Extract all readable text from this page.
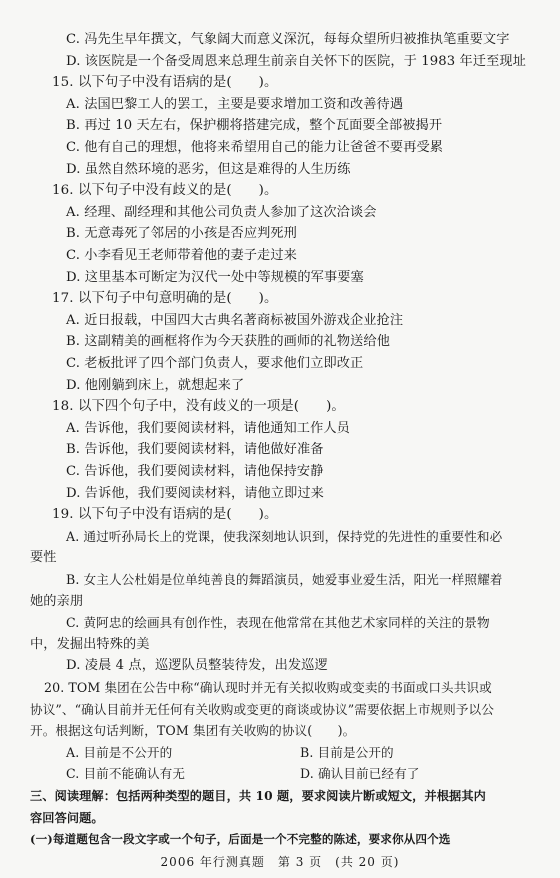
C. 冯先生早年撰文，气象阔大而意义深沉，每每众望所归被推执笔重要文字
D. 该医院是一个备受周恩来总理生前亲自关怀下的医院，于 1983 年迁至现址
15. 以下句子中没有语病的是(　　)。
A. 法国巴黎工人的罢工，主要是要求增加工资和改善待遇
B. 再过 10 天左右，保护棚将搭建完成，整个瓦面要全部被揭开
C. 他有自己的理想，他将来希望用自己的能力让爸爸不要再受累
D. 虽然自然环境的恶劣，但这是难得的人生历练
16. 以下句子中没有歧义的是(　　)。
A. 经理、副经理和其他公司负责人参加了这次洽谈会
B. 无意毒死了邻居的小孩是否应判死刑
C. 小李看见王老师带着他的妻子走过来
D. 这里基本可断定为汉代一处中等规模的军事要塞
17. 以下句子中句意明确的是(　　)。
A. 近日报载，中国四大古典名著商标被国外游戏企业抢注
B. 这副精美的画框将作为今天获胜的画师的礼物送给他
C. 老板批评了四个部门负责人，要求他们立即改正
D. 他刚躺到床上，就想起来了
18. 以下四个句子中，没有歧义的一项是(　　)。
A. 告诉他，我们要阅读材料，请他通知工作人员
B. 告诉他，我们要阅读材料，请他做好准备
C. 告诉他，我们要阅读材料，请他保持安静
D. 告诉他，我们要阅读材料，请他立即过来
19. 以下句子中没有语病的是(　　)。
A. 通过听孙局长上的党课，使我深刻地认识到，保持党的先进性的重要性和必
要性
B. 女主人公杜娟是位单纯善良的舞蹈演员，她爱事业爱生活，阳光一样照耀着
她的亲朋
C. 黄阿忠的绘画具有创作性，表现在他常常在其他艺术家同样的关注的景物
中，发掘出特殊的美
D. 凌晨 4 点，巡逻队员整装待发，出发巡逻
20. TOM 集团在公告中称“确认现时并无有关拟收购或变卖的书面或口头共识或
协议”、“确认目前并无任何有关收购或变更的商谈或协议”需要依据上市规则予以公
2006 年行测真题　第 3 页　(共 20 页)
开。根据这句话判断，TOM 集团有关收购的协议(　　)。
A. 目前是不公开的	B. 目前是公开的
C. 目前不能确认有无	D. 确认目前已经有了
三、阅读理解：包括两种类型的题目，共 10 题，要求阅读片断或短文，并根据其内
容回答问题。
(一)每道题包含一段文字或一个句子，后面是一个不完整的陈述，要求你从四个选
